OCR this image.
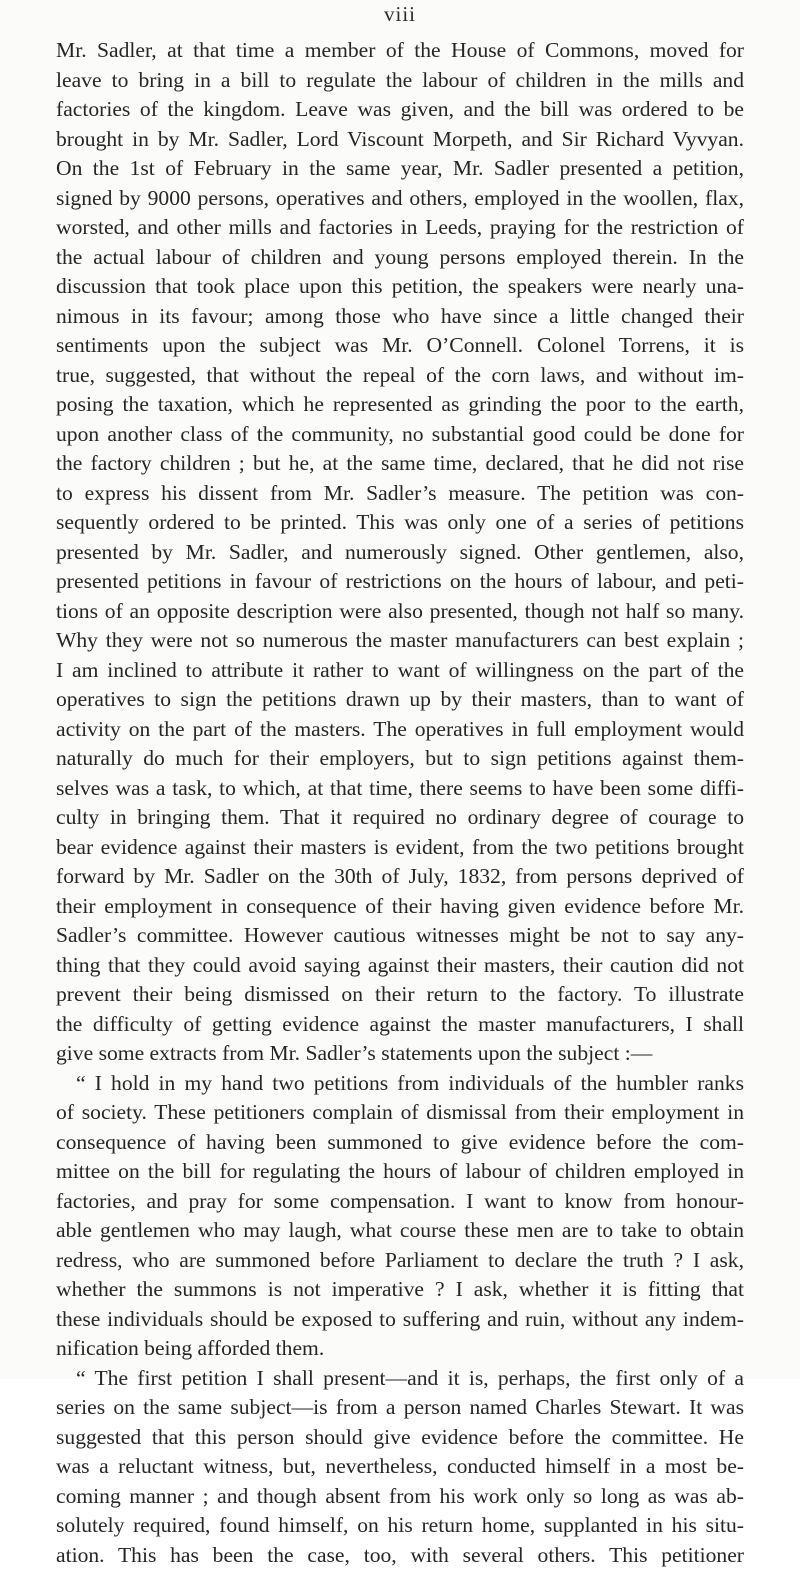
viii
Mr. Sadler, at that time a member of the House of Commons, moved for
leave to bring in a bill to regulate the labour of children in the mills and
factories of the kingdom. Leave was given, and the bill was ordered to be
brought in by Mr. Sadler, Lord Viscount Morpeth, and Sir Richard Vyvyan.
On the 1st of February in the same year, Mr. Sadler presented a petition,
signed by 9000 persons, operatives and others, employed in the woollen, flax,
worsted, and other mills and factories in Leeds, praying for the restriction of
the actual labour of children and young persons employed therein. In the
discussion that took place upon this petition, the speakers were nearly una-
nimous in its favour; among those who have since a little changed their
sentiments upon the subject was Mr. O’Connell. Colonel Torrens, it is
true, suggested, that without the repeal of the corn laws, and without im-
posing the taxation, which he represented as grinding the poor to the earth,
upon another class of the community, no substantial good could be done for
the factory children ; but he, at the same time, declared, that he did not rise
to express his dissent from Mr. Sadler’s measure. The petition was con-
sequently ordered to be printed. This was only one of a series of petitions
presented by Mr. Sadler, and numerously signed. Other gentlemen, also,
presented petitions in favour of restrictions on the hours of labour, and peti-
tions of an opposite description were also presented, though not half so many.
Why they were not so numerous the master manufacturers can best explain ;
I am inclined to attribute it rather to want of willingness on the part of the
operatives to sign the petitions drawn up by their masters, than to want of
activity on the part of the masters. The operatives in full employment would
naturally do much for their employers, but to sign petitions against them-
selves was a task, to which, at that time, there seems to have been some diffi-
culty in bringing them. That it required no ordinary degree of courage to
bear evidence against their masters is evident, from the two petitions brought
forward by Mr. Sadler on the 30th of July, 1832, from persons deprived of
their employment in consequence of their having given evidence before Mr.
Sadler’s committee. However cautious witnesses might be not to say any-
thing that they could avoid saying against their masters, their caution did not
prevent their being dismissed on their return to the factory. To illustrate
the difficulty of getting evidence against the master manufacturers, I shall
give some extracts from Mr. Sadler’s statements upon the subject :—
“ I hold in my hand two petitions from individuals of the humbler ranks
of society. These petitioners complain of dismissal from their employment in
consequence of having been summoned to give evidence before the com-
mittee on the bill for regulating the hours of labour of children employed in
factories, and pray for some compensation. I want to know from honour-
able gentlemen who may laugh, what course these men are to take to obtain
redress, who are summoned before Parliament to declare the truth ? I ask,
whether the summons is not imperative ? I ask, whether it is fitting that
these individuals should be exposed to suffering and ruin, without any indem-
nification being afforded them.
“ The first petition I shall present—and it is, perhaps, the first only of a
series on the same subject—is from a person named Charles Stewart. It was
suggested that this person should give evidence before the committee. He
was a reluctant witness, but, nevertheless, conducted himself in a most be-
coming manner ; and though absent from his work only so long as was ab-
solutely required, found himself, on his return home, supplanted in his situ-
ation. This has been the case, too, with several others. This petitioner
